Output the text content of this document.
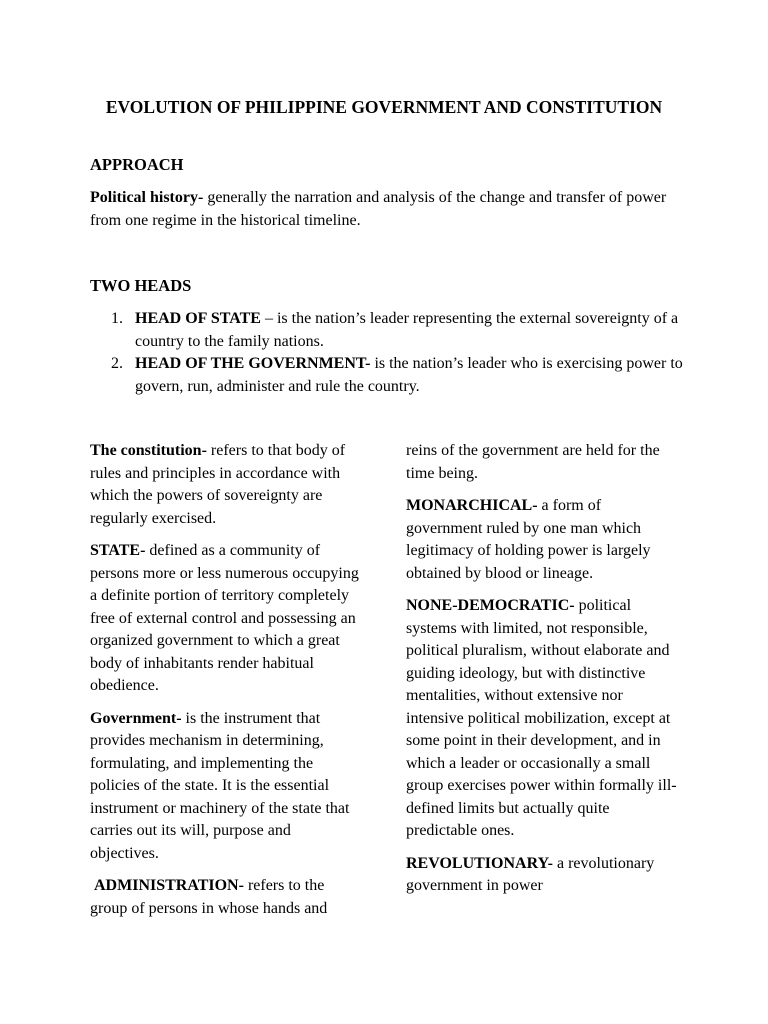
EVOLUTION OF PHILIPPINE GOVERNMENT AND CONSTITUTION
APPROACH

Political history- generally the narration and analysis of the change and transfer of power from one regime in the historical timeline.

TWO HEADS
1. HEAD OF STATE – is the nation’s leader representing the external sovereignty of a country to the family nations.
2. HEAD OF THE GOVERNMENT- is the nation’s leader who is exercising power to govern, run, administer and rule the country.

The constitution- refers to that body of rules and principles in accordance with which the powers of sovereignty are regularly exercised.

STATE- defined as a community of persons more or less numerous occupying a definite portion of territory completely free of external control and possessing an organized government to which a great body of inhabitants render habitual obedience.

Government- is the instrument that provides mechanism in determining, formulating, and implementing the policies of the state. It is the essential instrument or machinery of the state that carries out its will, purpose and objectives.

ADMINISTRATION- refers to the group of persons in whose hands and

reins of the government are held for the time being.

MONARCHICAL- a form of government ruled by one man which legitimacy of holding power is largely obtained by blood or lineage.

NONE-DEMOCRATIC- political systems with limited, not responsible, political pluralism, without elaborate and guiding ideology, but with distinctive mentalities, without extensive nor intensive political mobilization, except at some point in their development, and in which a leader or occasionally a small group exercises power within formally ill-defined limits but actually quite predictable ones.

REVOLUTIONARY- a revolutionary government in power
